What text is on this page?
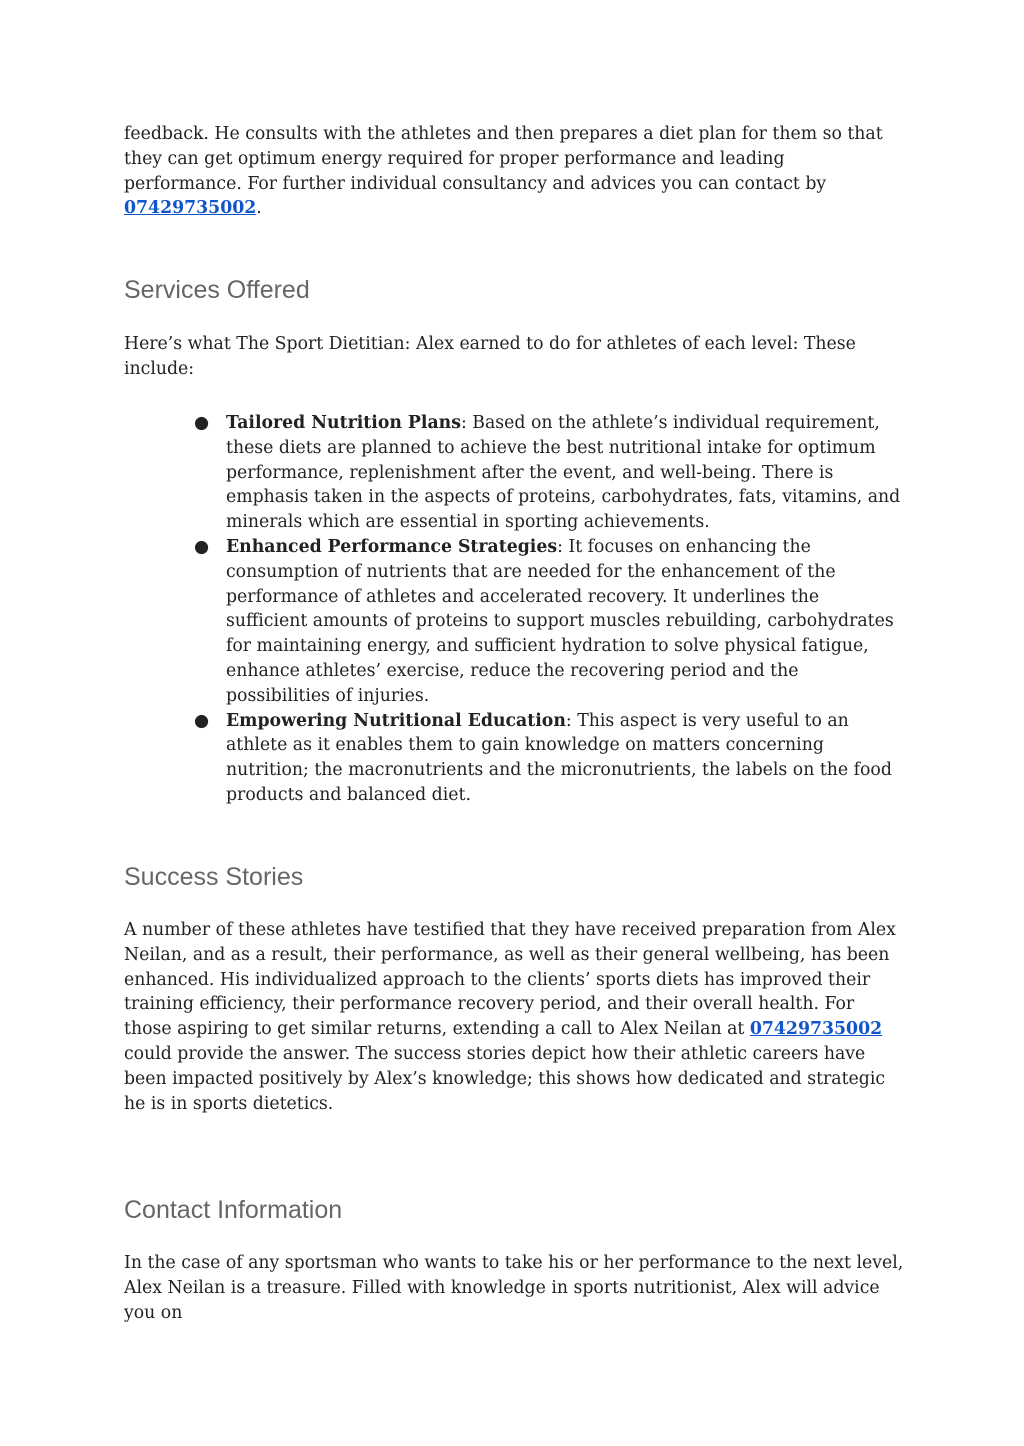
feedback. He consults with the athletes and then prepares a diet plan for them so that they can get optimum energy required for proper performance and leading performance. For further individual consultancy and advices you can contact by 07429735002.

Services Offered

Here’s what The Sport Dietitian: Alex earned to do for athletes of each level: These include:

● Tailored Nutrition Plans: Based on the athlete’s individual requirement, these diets are planned to achieve the best nutritional intake for optimum performance, replenishment after the event, and well-being. There is emphasis taken in the aspects of proteins, carbohydrates, fats, vitamins, and minerals which are essential in sporting achievements.
● Enhanced Performance Strategies: It focuses on enhancing the consumption of nutrients that are needed for the enhancement of the performance of athletes and accelerated recovery. It underlines the sufficient amounts of proteins to support muscles rebuilding, carbohydrates for maintaining energy, and sufficient hydration to solve physical fatigue, enhance athletes’ exercise, reduce the recovering period and the possibilities of injuries.
● Empowering Nutritional Education: This aspect is very useful to an athlete as it enables them to gain knowledge on matters concerning nutrition; the macronutrients and the micronutrients, the labels on the food products and balanced diet.
Success Stories

A number of these athletes have testified that they have received preparation from Alex Neilan, and as a result, their performance, as well as their general wellbeing, has been enhanced. His individualized approach to the clients’ sports diets has improved their training efficiency, their performance recovery period, and their overall health. For those aspiring to get similar returns, extending a call to Alex Neilan at 07429735002 could provide the answer. The success stories depict how their athletic careers have been impacted positively by Alex’s knowledge; this shows how dedicated and strategic he is in sports dietetics.

Contact Information

In the case of any sportsman who wants to take his or her performance to the next level, Alex Neilan is a treasure. Filled with knowledge in sports nutritionist, Alex will advice you on
